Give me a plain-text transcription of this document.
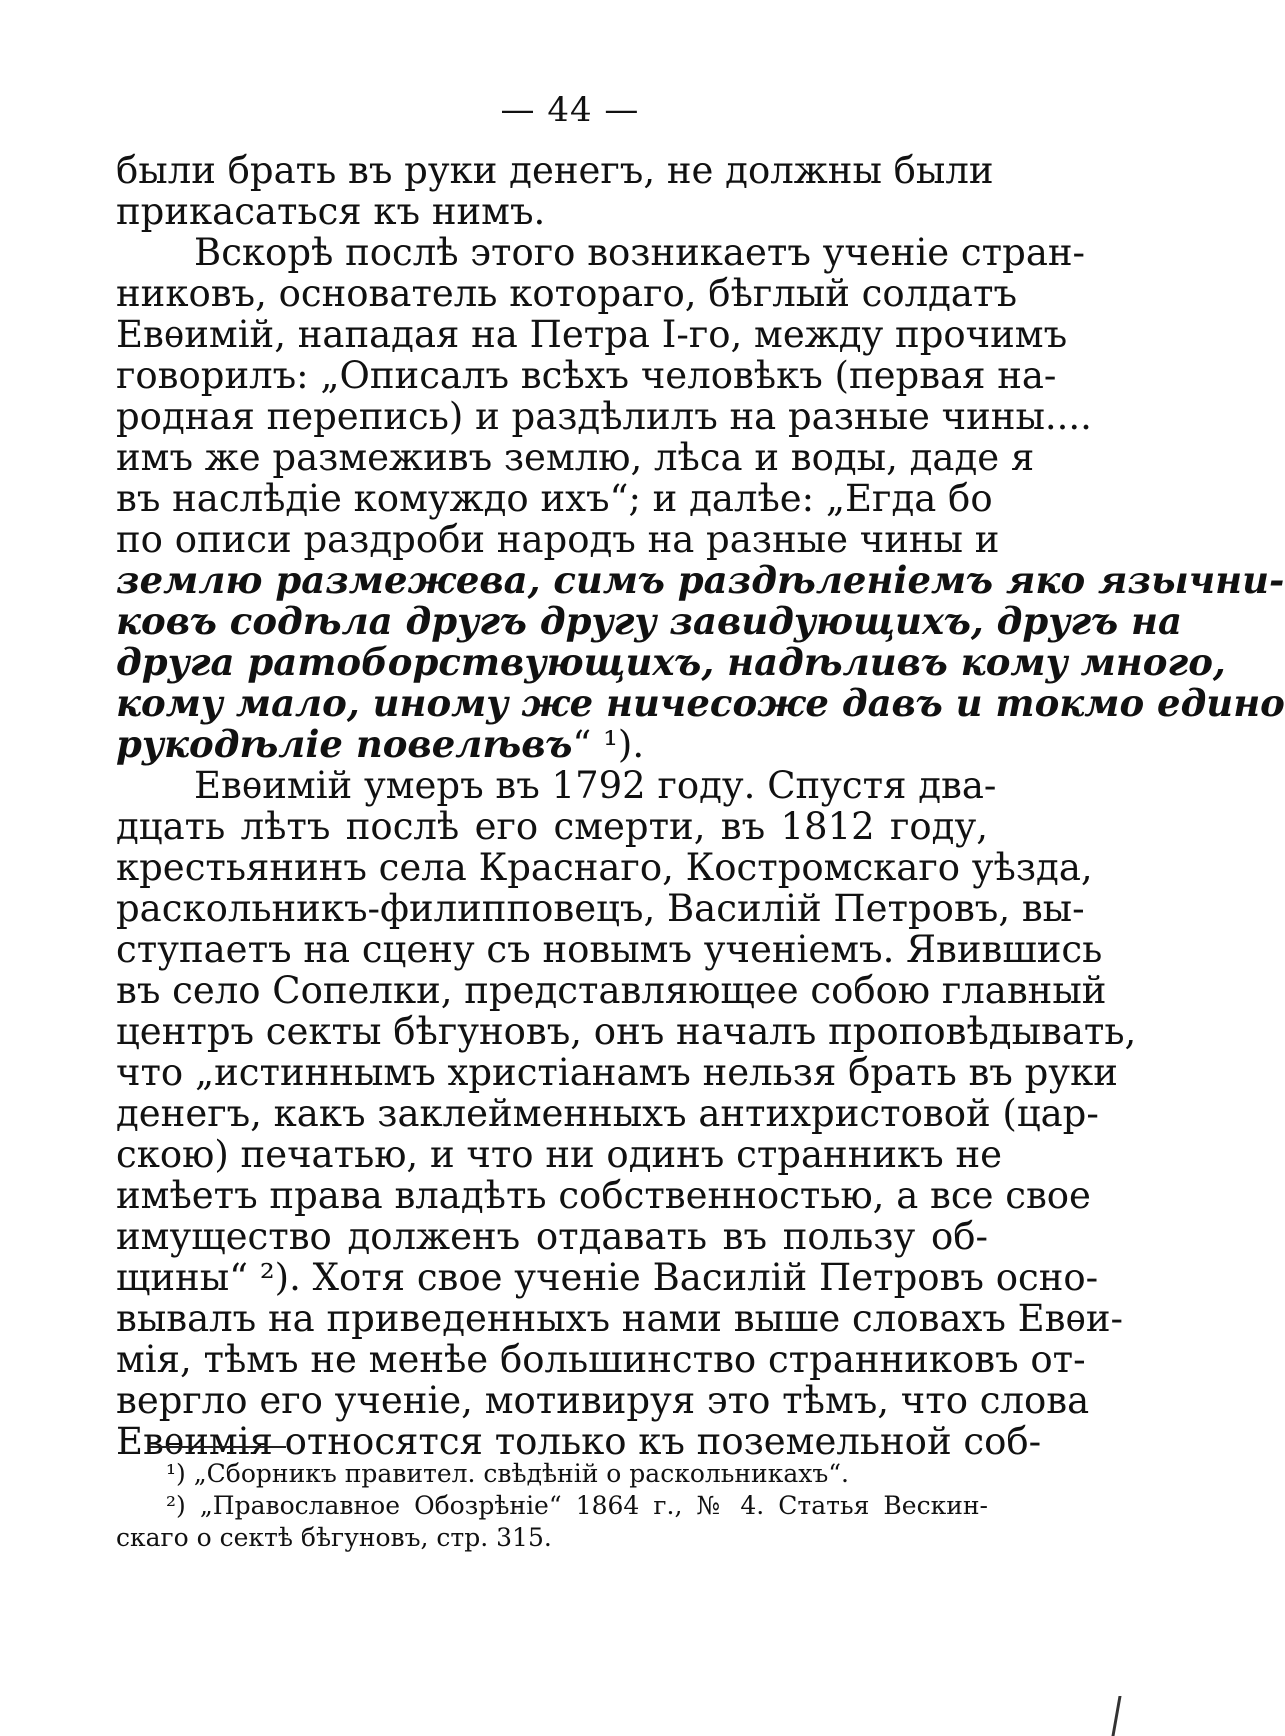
— 44 —
были брать въ руки денегъ, не должны были
прикасаться къ нимъ.
Вскорѣ послѣ этого возникаетъ ученіе стран-
никовъ, основатель котораго, бѣглый солдатъ
Евѳимій, нападая на Петра I-го, между прочимъ
говорилъ: „Описалъ всѣхъ человѣкъ (первая на-
родная перепись) и раздѣлилъ на разные чины....
имъ же размеживъ землю, лѣса и воды, даде я
въ наслѣдіе комуждо ихъ“; и далѣе: „Егда бо
по описи раздроби народъ на разные чины и
землю размежева, симъ раздѣленіемъ яко язычни-
ковъ содѣла другъ другу завидующихъ, другъ на
друга ратоборствующихъ, надѣливъ кому много,
кому мало, иному же ничесоже давъ и токмо едино
рукодѣліе повелѣвъ“ ¹).
Евѳимій умеръ въ 1792 году. Спустя два-
дцать лѣтъ послѣ его смерти, въ 1812 году,
крестьянинъ села Краснаго, Костромскаго уѣзда,
раскольникъ-филипповецъ, Василій Петровъ, вы-
ступаетъ на сцену съ новымъ ученіемъ. Явившись
въ село Сопелки, представляющее собою главный
центръ секты бѣгуновъ, онъ началъ проповѣдывать,
что „истиннымъ христіанамъ нельзя брать въ руки
денегъ, какъ заклейменныхъ антихристовой (цар-
скою) печатью, и что ни одинъ странникъ не
имѣетъ права владѣть собственностью, а все свое
имущество долженъ отдавать въ пользу об-
щины“ ²). Хотя свое ученіе Василій Петровъ осно-
вывалъ на приведенныхъ нами выше словахъ Евѳи-
мія, тѣмъ не менѣе большинство странниковъ от-
вергло его ученіе, мотивируя это тѣмъ, что слова
Евѳимія относятся только къ поземельной соб-
¹) „Сборникъ правител. свѣдѣній о раскольникахъ“.
²) „Православное Обозрѣніе“ 1864 г., № 4. Статья Вескин-
скаго о сектѣ бѣгуновъ, стр. 315.
